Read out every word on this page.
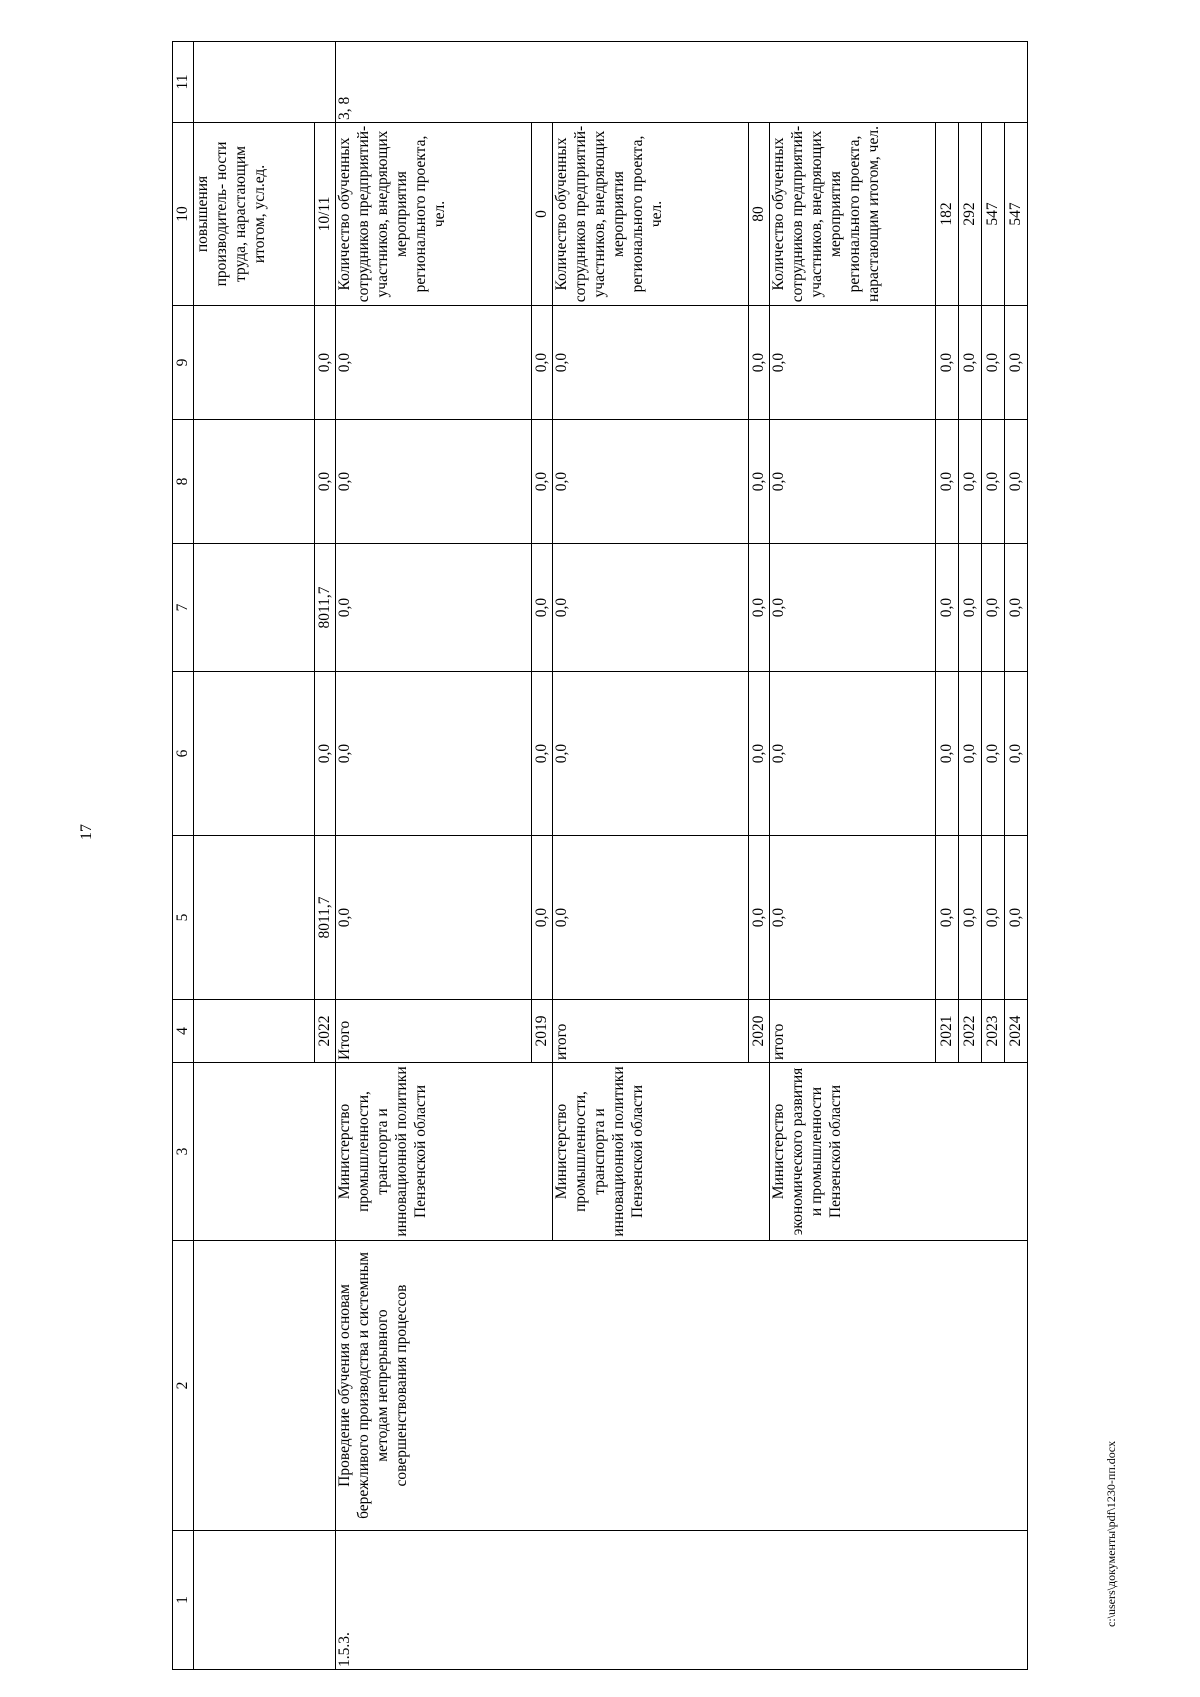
17
1	2	3	4	5	6	7	8	9	10	11
									повышения производитель- ности труда, нарастающим итогом, усл.ед.	
			2022	8011,7	0,0	8011,7	0,0	0,0	10/11	
1.5.3.	Проведение обучения основам бережливого производства и системным методам непрерывного совершенствования процессов	Министерство промышленности, транспорта и инновационной политики Пензенской области	Итого	0,0	0,0	0,0	0,0	0,0	Количество обученных сотрудников предприятий-участников, внедряющих мероприятия регионального проекта, чел.	3, 8
			2019	0,0	0,0	0,0	0,0	0,0	0	
		Министерство промышленности, транспорта и инновационной политики Пензенской области	итого	0,0	0,0	0,0	0,0	0,0	Количество обученных сотрудников предприятий-участников, внедряющих мероприятия регионального проекта, чел.	
			2020	0,0	0,0	0,0	0,0	0,0	80	
		Министерство экономического развития и промышленности Пензенской области	итого	0,0	0,0	0,0	0,0	0,0	Количество обученных сотрудников предприятий-участников, внедряющих мероприятия регионального проекта, нарастающим итогом, чел.	
			2021	0,0	0,0	0,0	0,0	0,0	182	
			2022	0,0	0,0	0,0	0,0	0,0	292	
			2023	0,0	0,0	0,0	0,0	0,0	547	
			2024	0,0	0,0	0,0	0,0	0,0	547	
c:\users\документы\pdf\1230-пп.docx
